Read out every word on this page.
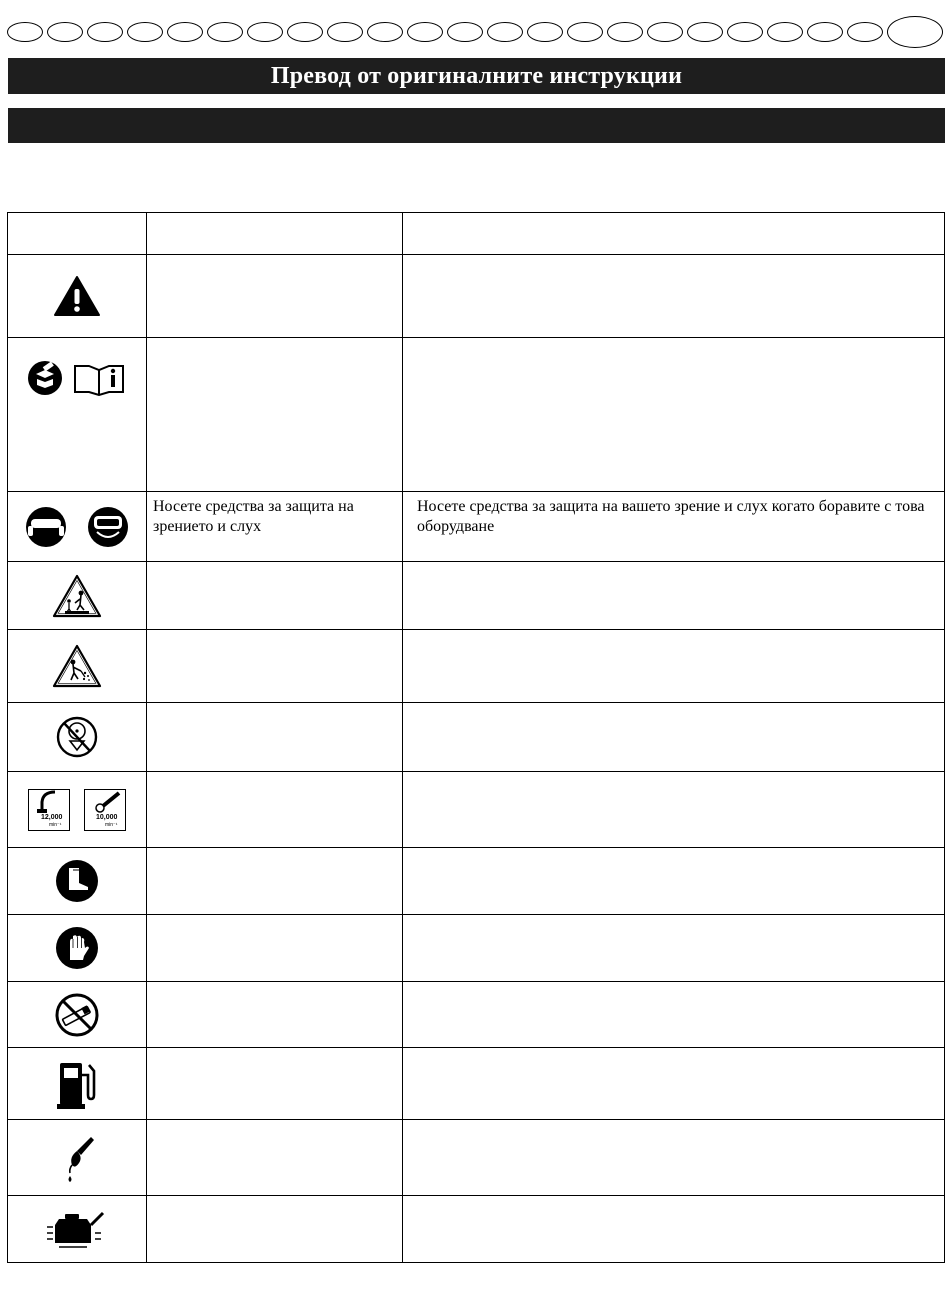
Превод от оригиналните инструкции

	Носете средства за защита на зрението и слух	Носете средства за защита на вашето зрение и слух когато боравите с това оборудване

12,000
min⁻¹
10,000
min⁻¹		
